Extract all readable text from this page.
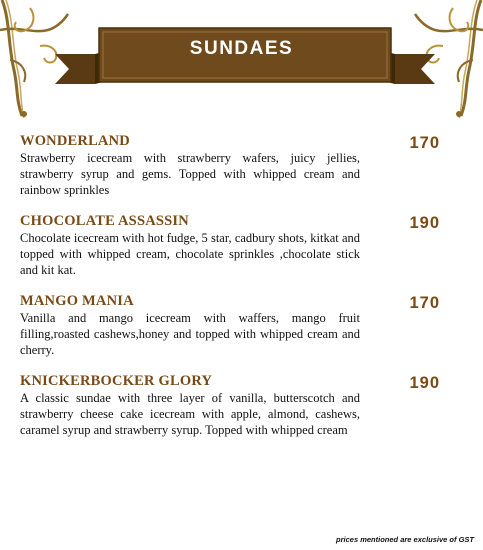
SUNDAES
WONDERLAND	170
Strawberry icecream with strawberry wafers, juicy jellies, strawberry syrup and gems. Topped with whipped cream and rainbow sprinkles
CHOCOLATE ASSASSIN	190
Chocolate icecream with hot fudge, 5 star, cadbury shots, kitkat and topped with whipped cream, chocolate sprinkles ,chocolate stick and kit kat.
MANGO MANIA	170
Vanilla and mango icecream with waffers, mango fruit filling,roasted cashews,honey and topped with whipped cream and cherry.
KNICKERBOCKER GLORY	190
A classic sundae with three layer of vanilla, butterscotch and strawberry cheese cake icecream with apple, almond, cashews, caramel syrup and strawberry syrup. Topped with whipped cream
prices mentioned are exclusive of GST
